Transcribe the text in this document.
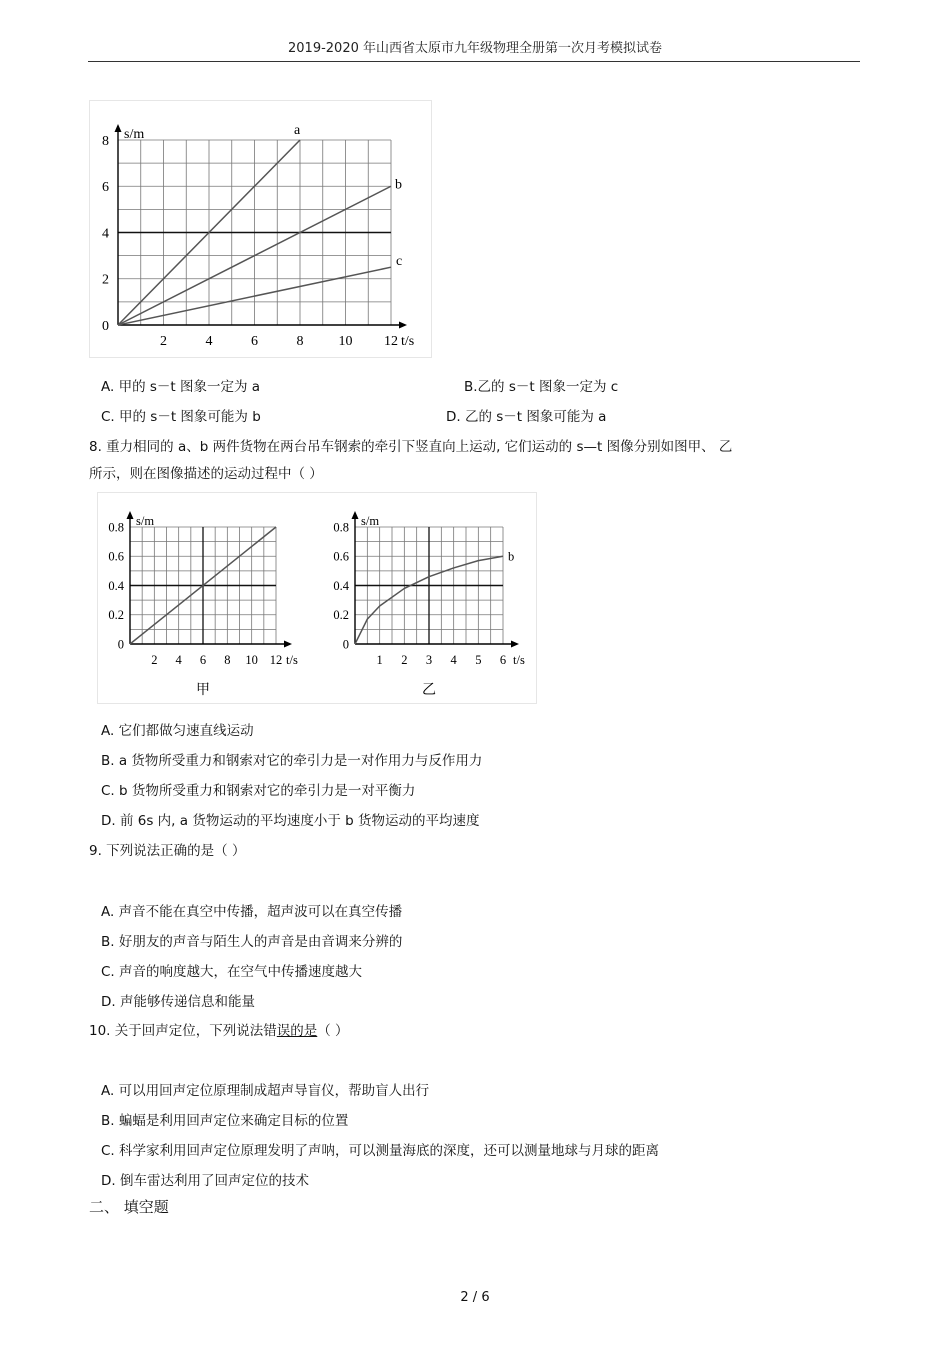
2019-2020 年山西省太原市九年级物理全册第一次月考模拟试卷
2	4	6	8	10 12
0
2
4
6
8 s/m
t/s
a
b
c
A. 甲的 s－t 图象一定为 a	B.乙的 s－t 图象一定为 c
C. 甲的 s－t 图象可能为 b	D. 乙的 s－t 图象可能为 a
8. 重力相同的 a、b 两件货物在两台吊车钢索的牵引下竖直向上运动, 它们运动的 s—t 图像分别如图甲、 乙
所示，则在图像描述的运动过程中（ ）
2 4 6 8 10 12
0
0.2
0.4
0.6
0.8 s/m
t/s
甲
1 2 3 4 5 6
0
0.2
0.4
0.6
0.8 s/m
t/s
b
乙
A. 它们都做匀速直线运动
B. a 货物所受重力和钢索对它的牵引力是一对作用力与反作用力
C. b 货物所受重力和钢索对它的牵引力是一对平衡力
D. 前 6s 内, a 货物运动的平均速度小于 b 货物运动的平均速度
9. 下列说法正确的是（ ）
A. 声音不能在真空中传播，超声波可以在真空传播
B. 好朋友的声音与陌生人的声音是由音调来分辨的
C. 声音的响度越大，在空气中传播速度越大
D. 声能够传递信息和能量
10. 关于回声定位，下列说法错误的是（ ）
A. 可以用回声定位原理制成超声导盲仪，帮助盲人出行
B. 蝙蝠是利用回声定位来确定目标的位置
C. 科学家利用回声定位原理发明了声呐，可以测量海底的深度，还可以测量地球与月球的距离
D. 倒车雷达利用了回声定位的技术
二、 填空题
2 / 6
